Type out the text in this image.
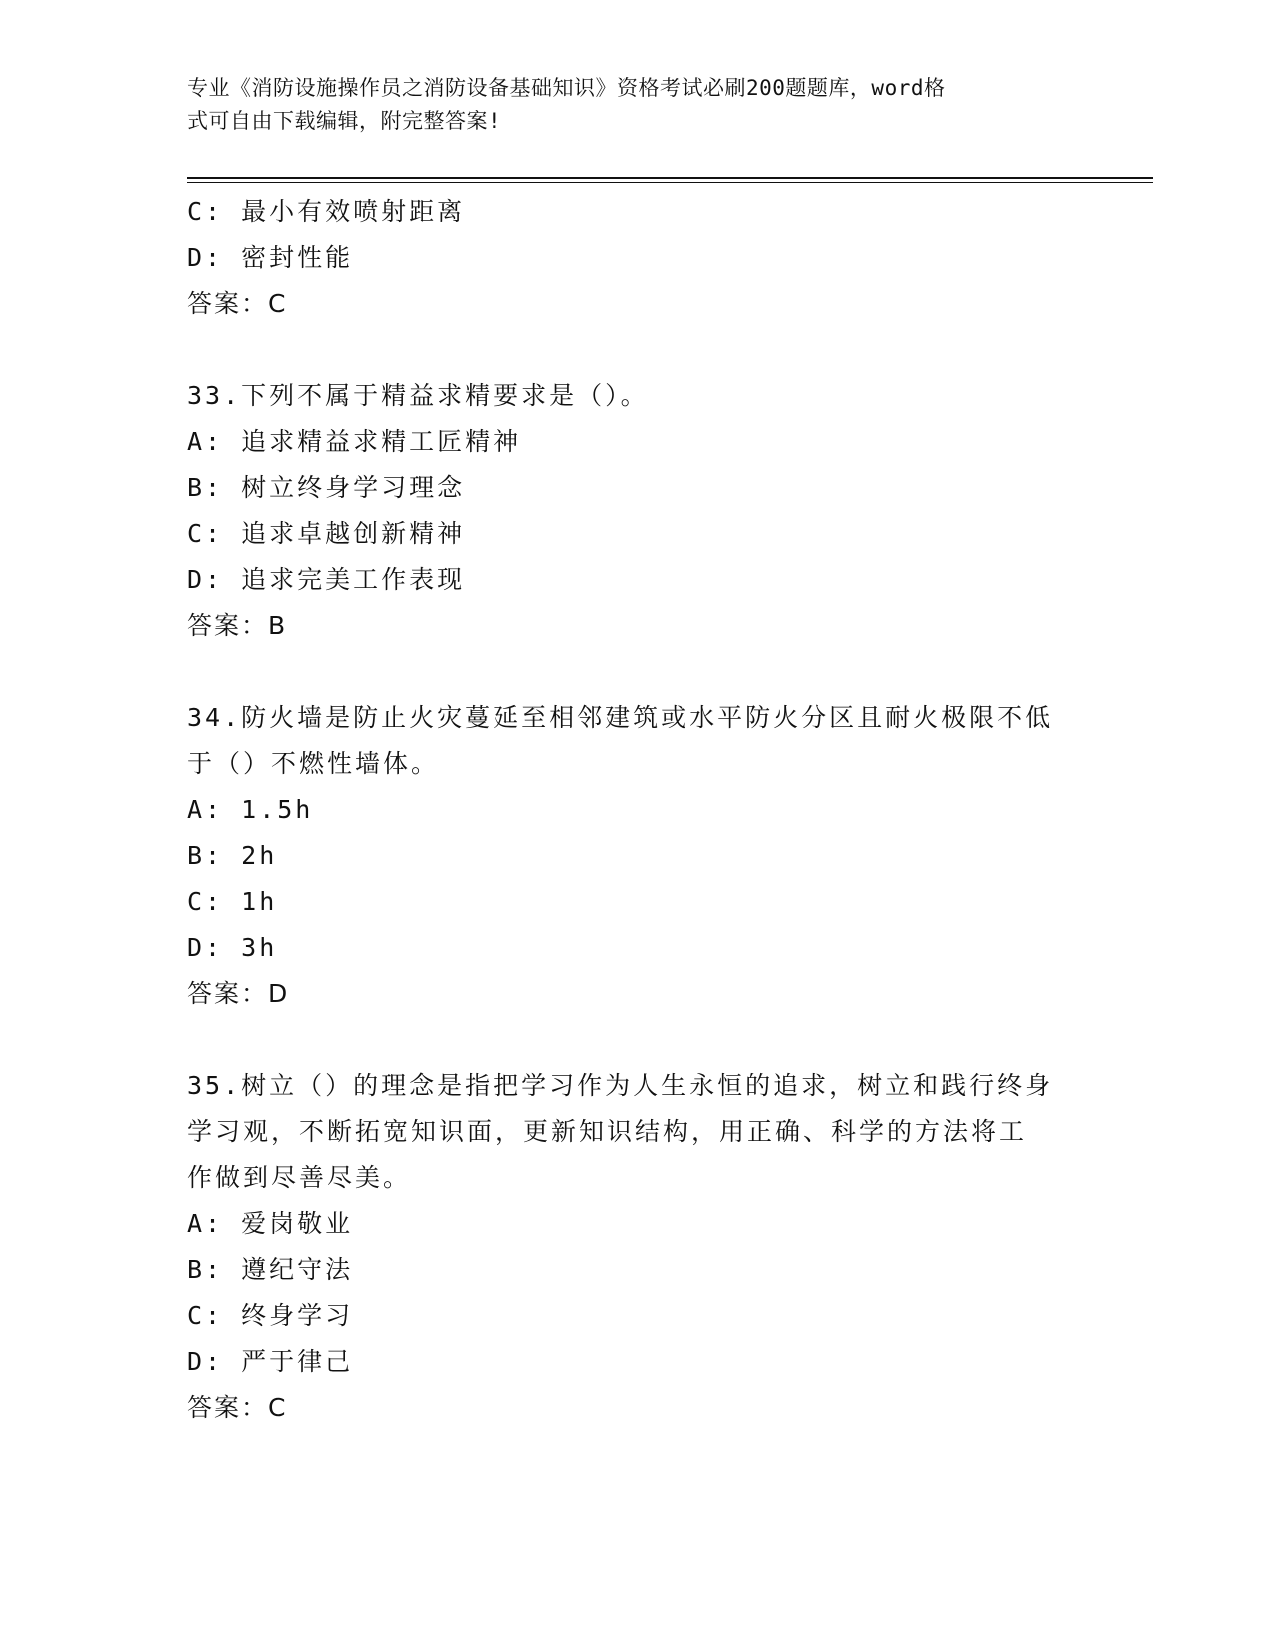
专业《消防设施操作员之消防设备基础知识》资格考试必刷200题题库，word格
式可自由下载编辑，附完整答案!
C: 最小有效喷射距离
D: 密封性能
答案：C
33.下列不属于精益求精要求是（）。
A: 追求精益求精工匠精神
B: 树立终身学习理念
C: 追求卓越创新精神
D: 追求完美工作表现
答案：B
34.防火墙是防止火灾蔓延至相邻建筑或水平防火分区且耐火极限不低
于（）不燃性墙体。
A: 1.5h
B: 2h
C: 1h
D: 3h
答案：D
35.树立（）的理念是指把学习作为人生永恒的追求，树立和践行终身
学习观，不断拓宽知识面，更新知识结构，用正确、科学的方法将工
作做到尽善尽美。
A: 爱岗敬业
B: 遵纪守法
C: 终身学习
D: 严于律己
答案：C
